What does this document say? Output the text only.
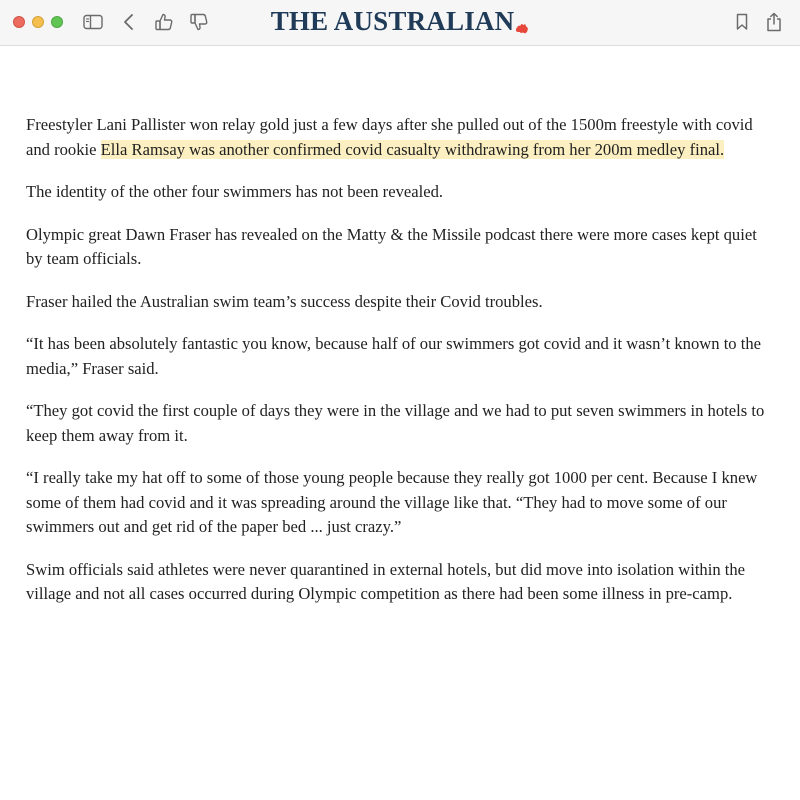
THE AUSTRALIAN

Freestyler Lani Pallister won relay gold just a few days after she pulled out of the 1500m freestyle with covid and rookie Ella Ramsay was another confirmed covid casualty withdrawing from her 200m medley final.

The identity of the other four swimmers has not been revealed.

Olympic great Dawn Fraser has revealed on the Matty & the Missile podcast there were more cases kept quiet by team officials.

Fraser hailed the Australian swim team’s success despite their Covid troubles.

“It has been absolutely fantastic you know, because half of our swimmers got covid and it wasn’t known to the media,” Fraser said.

“They got covid the first couple of days they were in the village and we had to put seven swimmers in hotels to keep them away from it.

“I really take my hat off to some of those young people because they really got 1000 per cent. Because I knew some of them had covid and it was spreading around the village like that. “They had to move some of our swimmers out and get rid of the paper bed ... just crazy.”

Swim officials said athletes were never quarantined in external hotels, but did move into isolation within the village and not all cases occurred during Olympic competition as there had been some illness in pre-camp.
